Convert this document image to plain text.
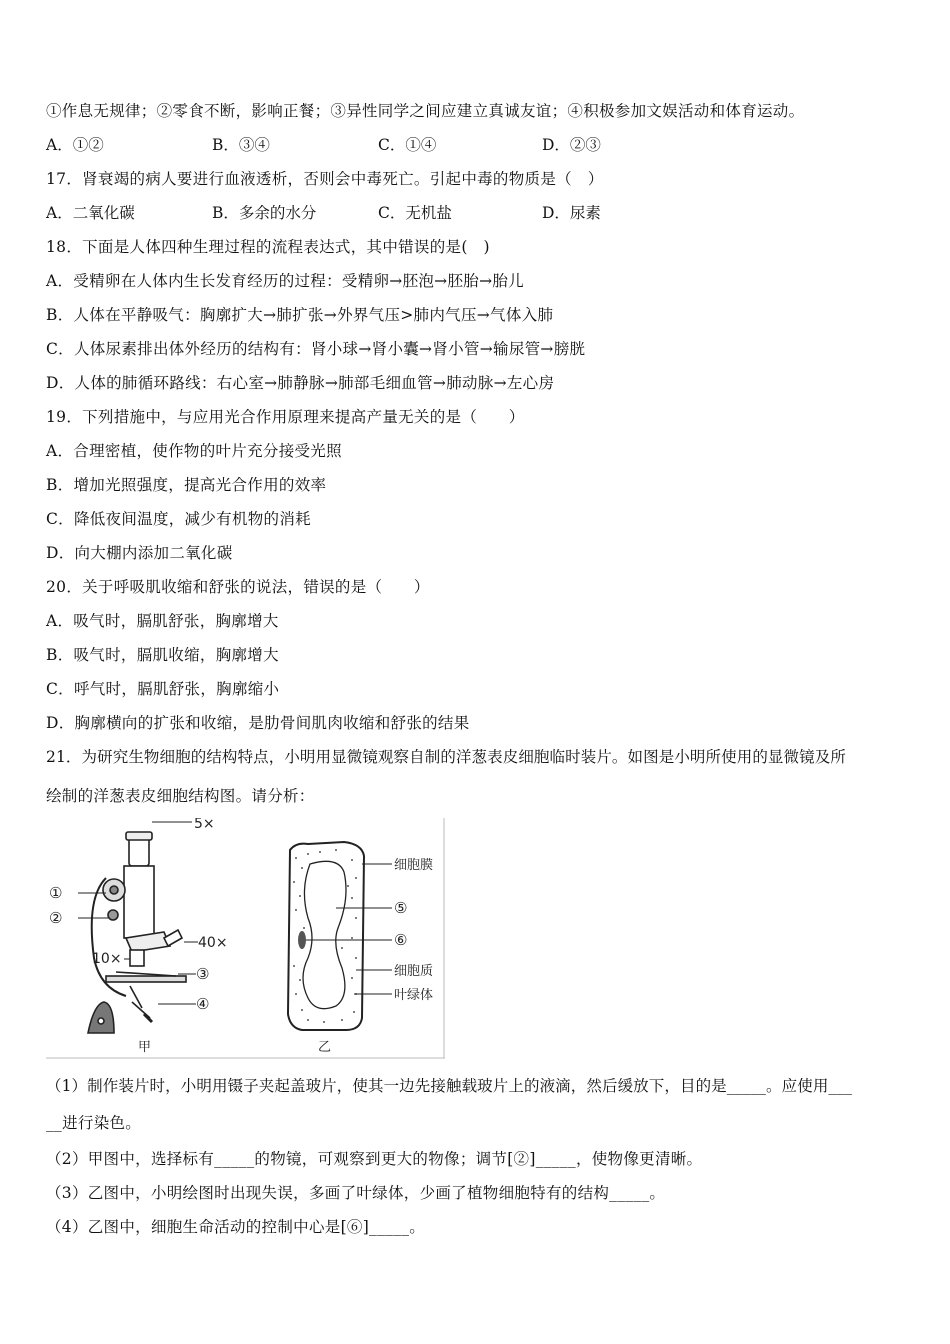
①作息无规律；②零食不断，影响正餐；③异性同学之间应建立真诚友谊；④积极参加文娱活动和体育运动。
A．①②	B．③④	C．①④	D．②③
17．肾衰竭的病人要进行血液透析，否则会中毒死亡。引起中毒的物质是（　）
A．二氧化碳	B．多余的水分	C．无机盐	D．尿素
18．下面是人体四种生理过程的流程表达式，其中错误的是(　)
A．受精卵在人体内生长发育经历的过程：受精卵→胚泡→胚胎→胎儿
B．人体在平静吸气：胸廓扩大→肺扩张→外界气压>肺内气压→气体入肺
C．人体尿素排出体外经历的结构有：肾小球→肾小囊→肾小管→输尿管→膀胱
D．人体的肺循环路线：右心室→肺静脉→肺部毛细血管→肺动脉→左心房
19．下列措施中，与应用光合作用原理来提高产量无关的是（　　）
A．合理密植，使作物的叶片充分接受光照
B．增加光照强度，提高光合作用的效率
C．降低夜间温度，减少有机物的消耗
D．向大棚内添加二氧化碳
20．关于呼吸肌收缩和舒张的说法，错误的是（　　）
A．吸气时，膈肌舒张，胸廓增大
B．吸气时，膈肌收缩，胸廓增大
C．呼气时，膈肌舒张，胸廓缩小
D．胸廓横向的扩张和收缩，是肋骨间肌肉收缩和舒张的结果
21．为研究生物细胞的结构特点，小明用显微镜观察自制的洋葱表皮细胞临时装片。如图是小明所使用的显微镜及所
绘制的洋葱表皮细胞结构图。请分析：
5×
①
②
40×
10×
③
④
甲
细胞膜
⑤
⑥
细胞质
叶绿体
乙
（1）制作装片时，小明用镊子夹起盖玻片，使其一边先接触载玻片上的液滴，然后缓放下，目的是_____。应使用___
__进行染色。
（2）甲图中，选择标有_____的物镜，可观察到更大的物像；调节[②]_____，使物像更清晰。
（3）乙图中，小明绘图时出现失误，多画了叶绿体，少画了植物细胞特有的结构_____。
（4）乙图中，细胞生命活动的控制中心是[⑥]_____。
